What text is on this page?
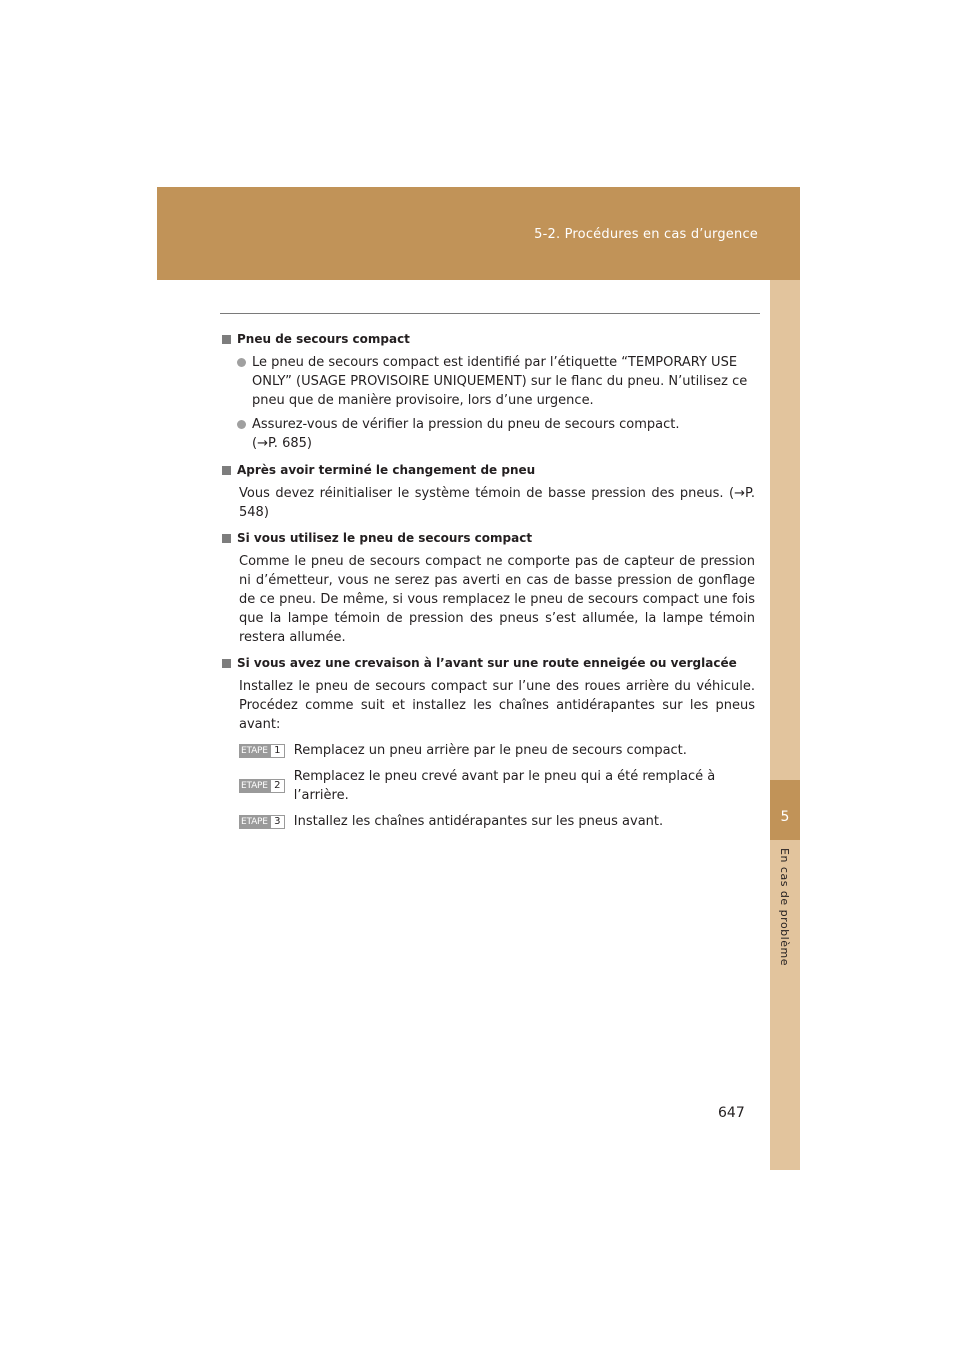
5-2. Procédures en cas d’urgence
5
En cas de problème
Pneu de secours compact
Le pneu de secours compact est identifié par l’étiquette “TEMPORARY USE ONLY” (USAGE PROVISOIRE UNIQUEMENT) sur le flanc du pneu. N’utilisez ce pneu que de manière provisoire, lors d’une urgence.
Assurez-vous de vérifier la pression du pneu de secours compact.
(→P. 685)
Après avoir terminé le changement de pneu
Vous devez réinitialiser le système témoin de basse pression des pneus. (→P. 548)
Si vous utilisez le pneu de secours compact
Comme le pneu de secours compact ne comporte pas de capteur de pression ni d’émetteur, vous ne serez pas averti en cas de basse pression de gonflage de ce pneu. De même, si vous remplacez le pneu de secours compact une fois que la lampe témoin de pression des pneus s’est allumée, la lampe témoin restera allumée.
Si vous avez une crevaison à l’avant sur une route enneigée ou verglacée
Installez le pneu de secours compact sur l’une des roues arrière du véhicule. Procédez comme suit et installez les chaînes antidérapantes sur les pneus avant:
ETAPE 1	Remplacez un pneu arrière par le pneu de secours compact.
ETAPE 2
Remplacez le pneu crevé avant par le pneu qui a été remplacé à l’arrière.
ETAPE 3	Installez les chaînes antidérapantes sur les pneus avant.
647
